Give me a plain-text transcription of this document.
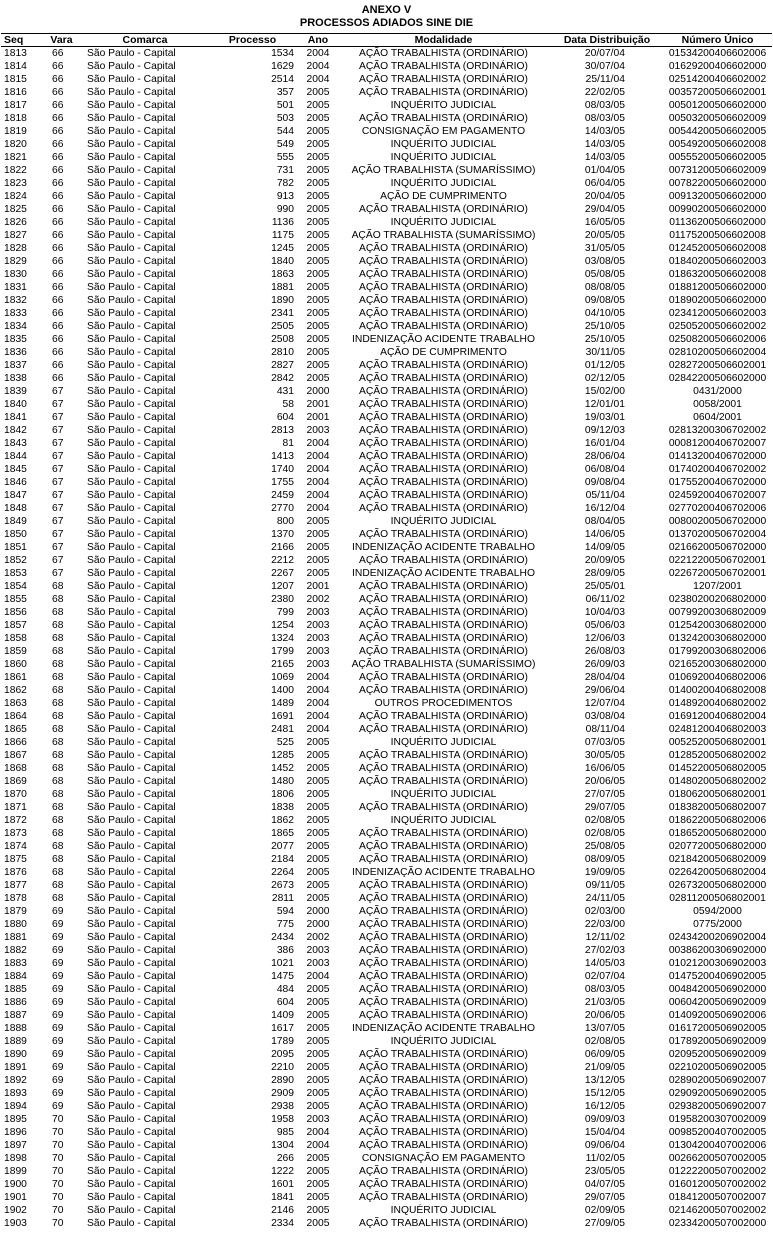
ANEXO V
PROCESSOS ADIADOS SINE DIE
Seq	Vara	Comarca	Processo	Ano	Modalidade	Data Distribuição	Número Único
1813	66	São Paulo - Capital	1534	2004	AÇÃO TRABALHISTA (ORDINÁRIO)	20/07/04	01534200406602006
1814	66	São Paulo - Capital	1629	2004	AÇÃO TRABALHISTA (ORDINÁRIO)	30/07/04	01629200406602000
1815	66	São Paulo - Capital	2514	2004	AÇÃO TRABALHISTA (ORDINÁRIO)	25/11/04	02514200406602002
1816	66	São Paulo - Capital	357	2005	AÇÃO TRABALHISTA (ORDINÁRIO)	22/02/05	00357200506602001
1817	66	São Paulo - Capital	501	2005	INQUÉRITO JUDICIAL	08/03/05	00501200506602000
1818	66	São Paulo - Capital	503	2005	AÇÃO TRABALHISTA (ORDINÁRIO)	08/03/05	00503200506602009
1819	66	São Paulo - Capital	544	2005	CONSIGNAÇÃO EM PAGAMENTO	14/03/05	00544200506602005
1820	66	São Paulo - Capital	549	2005	INQUÉRITO JUDICIAL	14/03/05	00549200506602008
1821	66	São Paulo - Capital	555	2005	INQUÉRITO JUDICIAL	14/03/05	00555200506602005
1822	66	São Paulo - Capital	731	2005	AÇÃO TRABALHISTA (SUMARÍSSIMO)	01/04/05	00731200506602009
1823	66	São Paulo - Capital	782	2005	INQUÉRITO JUDICIAL	06/04/05	00782200506602000
1824	66	São Paulo - Capital	913	2005	AÇÃO DE CUMPRIMENTO	20/04/05	00913200506602000
1825	66	São Paulo - Capital	990	2005	AÇÃO TRABALHISTA (ORDINÁRIO)	29/04/05	00990200506602000
1826	66	São Paulo - Capital	1136	2005	INQUÉRITO JUDICIAL	16/05/05	01136200506602000
1827	66	São Paulo - Capital	1175	2005	AÇÃO TRABALHISTA (SUMARÍSSIMO)	20/05/05	01175200506602008
1828	66	São Paulo - Capital	1245	2005	AÇÃO TRABALHISTA (ORDINÁRIO)	31/05/05	01245200506602008
1829	66	São Paulo - Capital	1840	2005	AÇÃO TRABALHISTA (ORDINÁRIO)	03/08/05	01840200506602003
1830	66	São Paulo - Capital	1863	2005	AÇÃO TRABALHISTA (ORDINÁRIO)	05/08/05	01863200506602008
1831	66	São Paulo - Capital	1881	2005	AÇÃO TRABALHISTA (ORDINÁRIO)	08/08/05	01881200506602000
1832	66	São Paulo - Capital	1890	2005	AÇÃO TRABALHISTA (ORDINÁRIO)	09/08/05	01890200506602000
1833	66	São Paulo - Capital	2341	2005	AÇÃO TRABALHISTA (ORDINÁRIO)	04/10/05	02341200506602003
1834	66	São Paulo - Capital	2505	2005	AÇÃO TRABALHISTA (ORDINÁRIO)	25/10/05	02505200506602002
1835	66	São Paulo - Capital	2508	2005	INDENIZAÇÃO ACIDENTE TRABALHO	25/10/05	02508200506602006
1836	66	São Paulo - Capital	2810	2005	AÇÃO DE CUMPRIMENTO	30/11/05	02810200506602004
1837	66	São Paulo - Capital	2827	2005	AÇÃO TRABALHISTA (ORDINÁRIO)	01/12/05	02827200506602001
1838	66	São Paulo - Capital	2842	2005	AÇÃO TRABALHISTA (ORDINÁRIO)	02/12/05	02842200506602000
1839	67	São Paulo - Capital	431	2000	AÇÃO TRABALHISTA (ORDINÁRIO)	15/02/00	0431/2000
1840	67	São Paulo - Capital	58	2001	AÇÃO TRABALHISTA (ORDINÁRIO)	12/01/01	0058/2001
1841	67	São Paulo - Capital	604	2001	AÇÃO TRABALHISTA (ORDINÁRIO)	19/03/01	0604/2001
1842	67	São Paulo - Capital	2813	2003	AÇÃO TRABALHISTA (ORDINÁRIO)	09/12/03	02813200306702002
1843	67	São Paulo - Capital	81	2004	AÇÃO TRABALHISTA (ORDINÁRIO)	16/01/04	00081200406702007
1844	67	São Paulo - Capital	1413	2004	AÇÃO TRABALHISTA (ORDINÁRIO)	28/06/04	01413200406702000
1845	67	São Paulo - Capital	1740	2004	AÇÃO TRABALHISTA (ORDINÁRIO)	06/08/04	01740200406702002
1846	67	São Paulo - Capital	1755	2004	AÇÃO TRABALHISTA (ORDINÁRIO)	09/08/04	01755200406702000
1847	67	São Paulo - Capital	2459	2004	AÇÃO TRABALHISTA (ORDINÁRIO)	05/11/04	02459200406702007
1848	67	São Paulo - Capital	2770	2004	AÇÃO TRABALHISTA (ORDINÁRIO)	16/12/04	02770200406702006
1849	67	São Paulo - Capital	800	2005	INQUÉRITO JUDICIAL	08/04/05	00800200506702000
1850	67	São Paulo - Capital	1370	2005	AÇÃO TRABALHISTA (ORDINÁRIO)	14/06/05	01370200506702004
1851	67	São Paulo - Capital	2166	2005	INDENIZAÇÃO ACIDENTE TRABALHO	14/09/05	02166200506702000
1852	67	São Paulo - Capital	2212	2005	AÇÃO TRABALHISTA (ORDINÁRIO)	20/09/05	02212200506702001
1853	67	São Paulo - Capital	2267	2005	INDENIZAÇÃO ACIDENTE TRABALHO	28/09/05	02267200506702001
1854	68	São Paulo - Capital	1207	2001	AÇÃO TRABALHISTA (ORDINÁRIO)	25/05/01	1207/2001
1855	68	São Paulo - Capital	2380	2002	AÇÃO TRABALHISTA (ORDINÁRIO)	06/11/02	02380200206802000
1856	68	São Paulo - Capital	799	2003	AÇÃO TRABALHISTA (ORDINÁRIO)	10/04/03	00799200306802009
1857	68	São Paulo - Capital	1254	2003	AÇÃO TRABALHISTA (ORDINÁRIO)	05/06/03	01254200306802000
1858	68	São Paulo - Capital	1324	2003	AÇÃO TRABALHISTA (ORDINÁRIO)	12/06/03	01324200306802000
1859	68	São Paulo - Capital	1799	2003	AÇÃO TRABALHISTA (ORDINÁRIO)	26/08/03	01799200306802006
1860	68	São Paulo - Capital	2165	2003	AÇÃO TRABALHISTA (SUMARÍSSIMO)	26/09/03	02165200306802000
1861	68	São Paulo - Capital	1069	2004	AÇÃO TRABALHISTA (ORDINÁRIO)	28/04/04	01069200406802006
1862	68	São Paulo - Capital	1400	2004	AÇÃO TRABALHISTA (ORDINÁRIO)	29/06/04	01400200406802008
1863	68	São Paulo - Capital	1489	2004	OUTROS PROCEDIMENTOS	12/07/04	01489200406802002
1864	68	São Paulo - Capital	1691	2004	AÇÃO TRABALHISTA (ORDINÁRIO)	03/08/04	01691200406802004
1865	68	São Paulo - Capital	2481	2004	AÇÃO TRABALHISTA (ORDINÁRIO)	08/11/04	02481200406802003
1866	68	São Paulo - Capital	525	2005	INQUÉRITO JUDICIAL	07/03/05	00525200506802001
1867	68	São Paulo - Capital	1285	2005	AÇÃO TRABALHISTA (ORDINÁRIO)	30/05/05	01285200506802002
1868	68	São Paulo - Capital	1452	2005	AÇÃO TRABALHISTA (ORDINÁRIO)	16/06/05	01452200506802005
1869	68	São Paulo - Capital	1480	2005	AÇÃO TRABALHISTA (ORDINÁRIO)	20/06/05	01480200506802002
1870	68	São Paulo - Capital	1806	2005	INQUÉRITO JUDICIAL	27/07/05	01806200506802001
1871	68	São Paulo - Capital	1838	2005	AÇÃO TRABALHISTA (ORDINÁRIO)	29/07/05	01838200506802007
1872	68	São Paulo - Capital	1862	2005	INQUÉRITO JUDICIAL	02/08/05	01862200506802006
1873	68	São Paulo - Capital	1865	2005	AÇÃO TRABALHISTA (ORDINÁRIO)	02/08/05	01865200506802000
1874	68	São Paulo - Capital	2077	2005	AÇÃO TRABALHISTA (ORDINÁRIO)	25/08/05	02077200506802000
1875	68	São Paulo - Capital	2184	2005	AÇÃO TRABALHISTA (ORDINÁRIO)	08/09/05	02184200506802009
1876	68	São Paulo - Capital	2264	2005	INDENIZAÇÃO ACIDENTE TRABALHO	19/09/05	02264200506802004
1877	68	São Paulo - Capital	2673	2005	AÇÃO TRABALHISTA (ORDINÁRIO)	09/11/05	02673200506802000
1878	68	São Paulo - Capital	2811	2005	AÇÃO TRABALHISTA (ORDINÁRIO)	24/11/05	02811200506802001
1879	69	São Paulo - Capital	594	2000	AÇÃO TRABALHISTA (ORDINÁRIO)	02/03/00	0594/2000
1880	69	São Paulo - Capital	775	2000	AÇÃO TRABALHISTA (ORDINÁRIO)	22/03/00	0775/2000
1881	69	São Paulo - Capital	2434	2002	AÇÃO TRABALHISTA (ORDINÁRIO)	12/11/02	02434200206902004
1882	69	São Paulo - Capital	386	2003	AÇÃO TRABALHISTA (ORDINÁRIO)	27/02/03	00386200306902000
1883	69	São Paulo - Capital	1021	2003	AÇÃO TRABALHISTA (ORDINÁRIO)	14/05/03	01021200306902003
1884	69	São Paulo - Capital	1475	2004	AÇÃO TRABALHISTA (ORDINÁRIO)	02/07/04	01475200406902005
1885	69	São Paulo - Capital	484	2005	AÇÃO TRABALHISTA (ORDINÁRIO)	08/03/05	00484200506902000
1886	69	São Paulo - Capital	604	2005	AÇÃO TRABALHISTA (ORDINÁRIO)	21/03/05	00604200506902009
1887	69	São Paulo - Capital	1409	2005	AÇÃO TRABALHISTA (ORDINÁRIO)	20/06/05	01409200506902006
1888	69	São Paulo - Capital	1617	2005	INDENIZAÇÃO ACIDENTE TRABALHO	13/07/05	01617200506902005
1889	69	São Paulo - Capital	1789	2005	INQUÉRITO JUDICIAL	02/08/05	01789200506902009
1890	69	São Paulo - Capital	2095	2005	AÇÃO TRABALHISTA (ORDINÁRIO)	06/09/05	02095200506902009
1891	69	São Paulo - Capital	2210	2005	AÇÃO TRABALHISTA (ORDINÁRIO)	21/09/05	02210200506902005
1892	69	São Paulo - Capital	2890	2005	AÇÃO TRABALHISTA (ORDINÁRIO)	13/12/05	02890200506902007
1893	69	São Paulo - Capital	2909	2005	AÇÃO TRABALHISTA (ORDINÁRIO)	15/12/05	02909200506902005
1894	69	São Paulo - Capital	2938	2005	AÇÃO TRABALHISTA (ORDINÁRIO)	16/12/05	02938200506902007
1895	70	São Paulo - Capital	1958	2003	AÇÃO TRABALHISTA (ORDINÁRIO)	09/09/03	01958200307002009
1896	70	São Paulo - Capital	985	2004	AÇÃO TRABALHISTA (ORDINÁRIO)	15/04/04	00985200407002005
1897	70	São Paulo - Capital	1304	2004	AÇÃO TRABALHISTA (ORDINÁRIO)	09/06/04	01304200407002006
1898	70	São Paulo - Capital	266	2005	CONSIGNAÇÃO EM PAGAMENTO	11/02/05	00266200507002005
1899	70	São Paulo - Capital	1222	2005	AÇÃO TRABALHISTA (ORDINÁRIO)	23/05/05	01222200507002002
1900	70	São Paulo - Capital	1601	2005	AÇÃO TRABALHISTA (ORDINÁRIO)	04/07/05	01601200507002002
1901	70	São Paulo - Capital	1841	2005	AÇÃO TRABALHISTA (ORDINÁRIO)	29/07/05	01841200507002007
1902	70	São Paulo - Capital	2146	2005	INQUÉRITO JUDICIAL	02/09/05	02146200507002002
1903	70	São Paulo - Capital	2334	2005	AÇÃO TRABALHISTA (ORDINÁRIO)	27/09/05	02334200507002000
